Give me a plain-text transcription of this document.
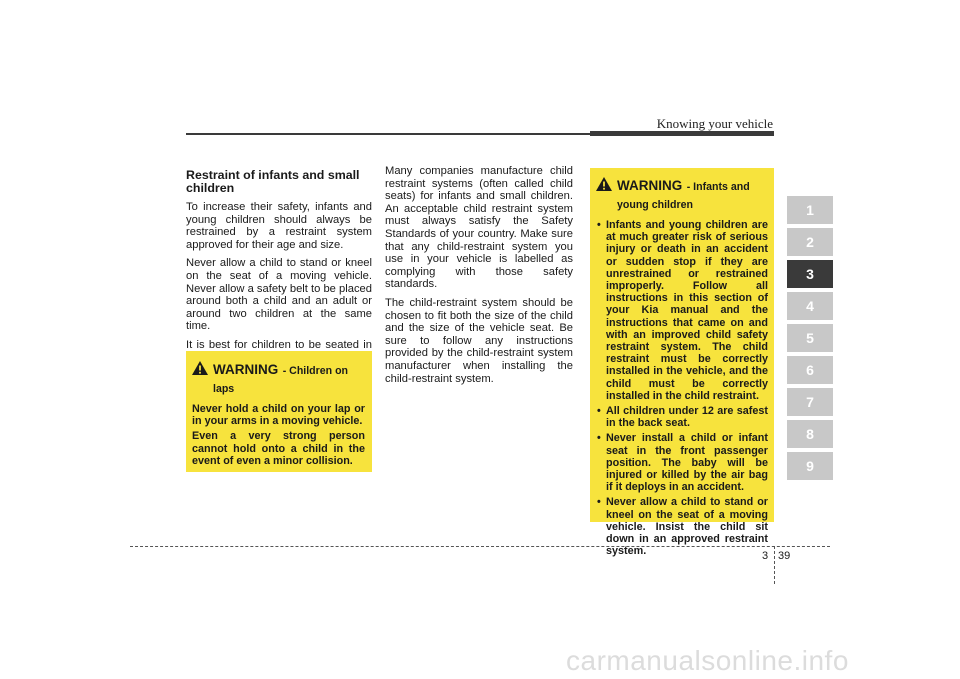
Knowing your vehicle
Restraint of infants and small children

To increase their safety, infants and young children should always be restrained by a restraint system approved for their age and size.

Never allow a child to stand or kneel on the seat of a moving vehicle. Never allow a safety belt to be placed around both a child and an adult or around two children at the same time.

It is best for children to be seated in

Many companies manufacture child restraint systems (often called child seats) for infants and small children. An acceptable child restraint system must always satisfy the Safety Standards of your country. Make sure that any child-restraint system you use in your vehicle is labelled as complying with those safety standards.

The child-restraint system should be chosen to fit both the size of the child and the size of the vehicle seat. Be sure to follow any instructions provided by the child-restraint system manufacturer when installing the child-restraint system.

WARNING - Children on laps

Never hold a child on your lap or in your arms in a moving vehicle.

Even a very strong person cannot hold onto a child in the event of even a minor collision.

WARNING - Infants and young children
• Infants and young children are at much greater risk of serious injury or death in an accident or sudden stop if they are unrestrained or restrained improperly. Follow all instructions in this section of your Kia manual and the instructions that came on and with an improved child safety restraint system. The child restraint must be correctly installed in the vehicle, and the child must be correctly installed in the child restraint.
• All children under 12 are safest in the back seat.
• Never install a child or infant seat in the front passenger position. The baby will be injured or killed by the air bag if it deploys in an accident.
• Never allow a child to stand or kneel on the seat of a moving vehicle. Insist the child sit down in an approved restraint system.
1
2
3
4
5
6
7
8
9
3 39
carmanualsonline.info
